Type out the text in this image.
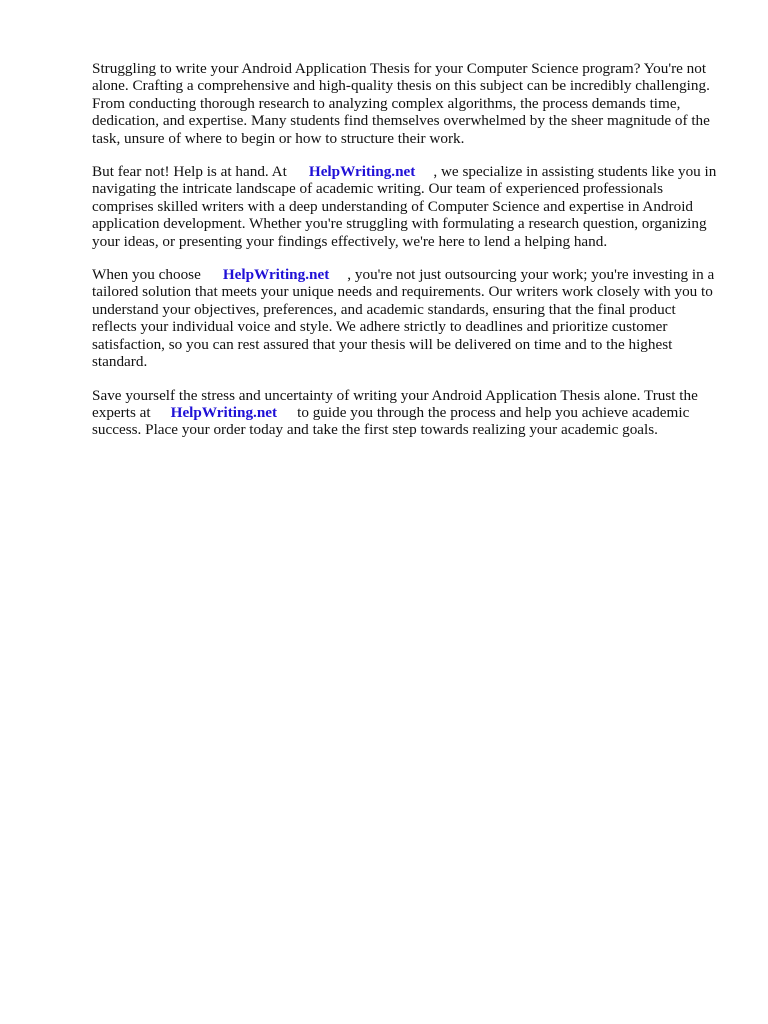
Struggling to write your Android Application Thesis for your Computer Science program? You're not alone. Crafting a comprehensive and high-quality thesis on this subject can be incredibly challenging. From conducting thorough research to analyzing complex algorithms, the process demands time, dedication, and expertise. Many students find themselves overwhelmed by the sheer magnitude of the task, unsure of where to begin or how to structure their work.

But fear not! Help is at hand. At HelpWriting.net , we specialize in assisting students like you in navigating the intricate landscape of academic writing. Our team of experienced professionals comprises skilled writers with a deep understanding of Computer Science and expertise in Android application development. Whether you're struggling with formulating a research question, organizing your ideas, or presenting your findings effectively, we're here to lend a helping hand.

When you choose HelpWriting.net , you're not just outsourcing your work; you're investing in a tailored solution that meets your unique needs and requirements. Our writers work closely with you to understand your objectives, preferences, and academic standards, ensuring that the final product reflects your individual voice and style. We adhere strictly to deadlines and prioritize customer satisfaction, so you can rest assured that your thesis will be delivered on time and to the highest standard.

Save yourself the stress and uncertainty of writing your Android Application Thesis alone. Trust the experts at HelpWriting.net to guide you through the process and help you achieve academic success. Place your order today and take the first step towards realizing your academic goals.
